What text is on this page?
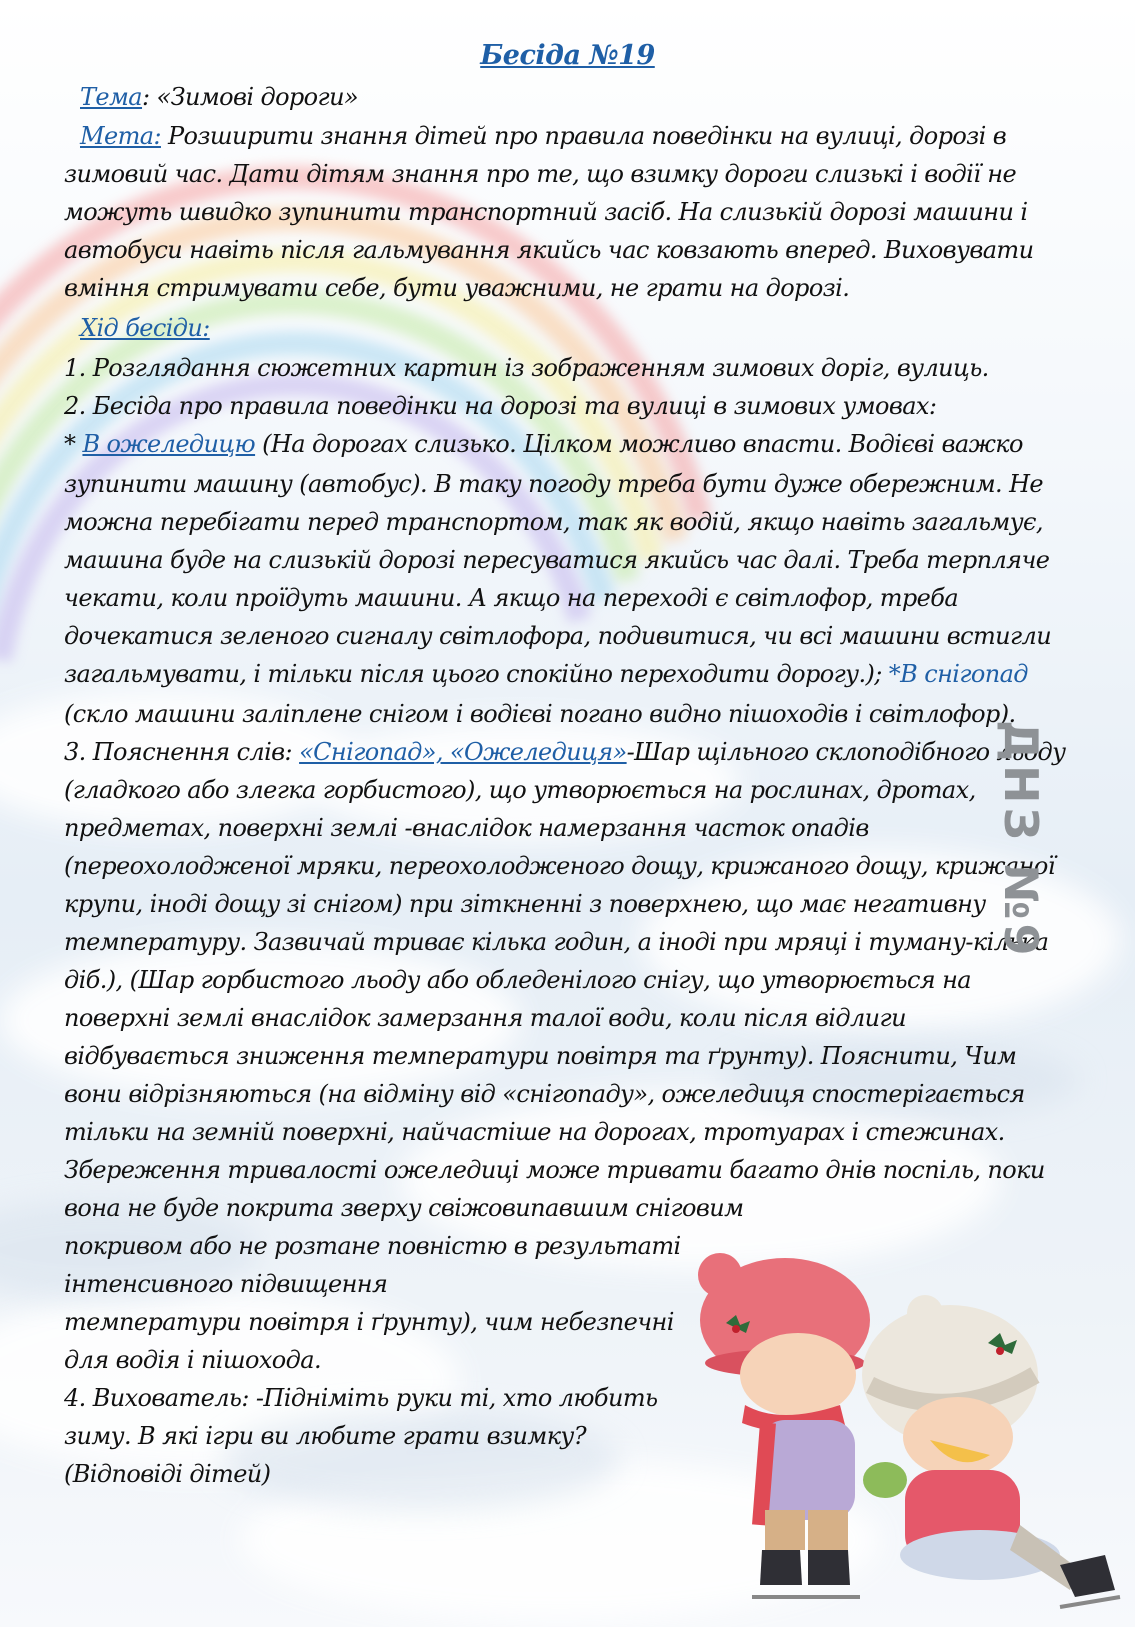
Бесіда №19
Тема: «Зимові дороги»
Мета: Розширити знання дітей про правила поведінки на вулиці, дорозі в
зимовий час. Дати дітям знання про те, що взимку дороги слизькі і водії не
можуть швидко зупинити транспортний засіб. На слизькій дорозі машини і
автобуси навіть після гальмування якийсь час ковзають вперед. Виховувати
вміння стримувати себе, бути уважними, не грати на дорозі.
Хід бесіди:
1. Розглядання сюжетних картин із зображенням зимових доріг, вулиць.
2. Бесіда про правила поведінки на дорозі та вулиці в зимових умовах:
* В ожеледицю (На дорогах слизько. Цілком можливо впасти. Водієві важко
зупинити машину (автобус). В таку погоду треба бути дуже обережним. Не
можна перебігати перед транспортом, так як водій, якщо навіть загальмує,
машина буде на слизькій дорозі пересуватися якийсь час далі. Треба терпляче
чекати, коли проїдуть машини. А якщо на переході є світлофор, треба
дочекатися зеленого сигналу світлофора, подивитися, чи всі машини встигли
загальмувати, і тільки після цього спокійно переходити дорогу.); *В снігопад
(скло машини заліплене снігом і водієві погано видно пішоходів і світлофор).
3. Пояснення слів: «Снігопад», «Ожеледиця»-Шар щільного склоподібного льоду
(гладкого або злегка горбистого), що утворюється на рослинах, дротах,
предметах, поверхні землі -внаслідок намерзання часток опадів
(переохолодженої мряки, переохолодженого дощу, крижаного дощу, крижаної
крупи, іноді дощу зі снігом) при зіткненні з поверхнею, що має негативну
температуру. Зазвичай триває кілька годин, а іноді при мряці і туману-кілька
діб.), (Шар горбистого льоду або обледенілого снігу, що утворюється на
поверхні землі внаслідок замерзання талої води, коли після відлиги
відбувається зниження температури повітря та ґрунту). Пояснити, Чим
вони відрізняються (на відміну від «снігопаду», ожеледиця спостерігається
тільки на земній поверхні, найчастіше на дорогах, тротуарах і стежинах.
Збереження тривалості ожеледиці може тривати багато днів поспіль, поки
вона не буде покрита зверху свіжовипавшим сніговим
покривом або не розтане повністю в результаті
інтенсивного підвищення
температури повітря і ґрунту), чим небезпечні
для водія і пішохода.
4. Вихователь: -Підніміть руки ті, хто любить
зиму. В які ігри ви любите грати взимку?
(Відповіді дітей)
ДНЗ №9
